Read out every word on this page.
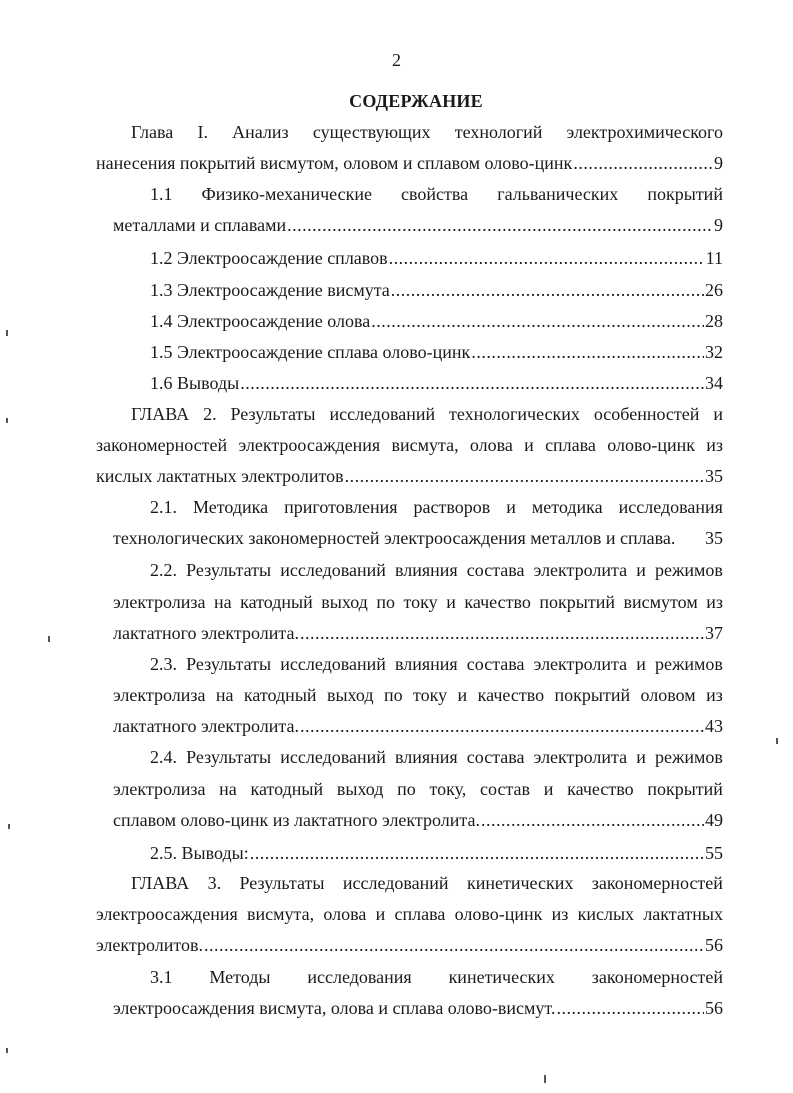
2
СОДЕРЖАНИЕ
Глава I. Анализ существующих технологий электрохимического
нанесения покрытий висмутом, оловом и сплавом олово-цинк .....	9
1.1 Физико-механические свойства гальванических покрытий
металлами и сплавами .....	9
1.2 Электроосаждение сплавов .....	11
1.3 Электроосаждение висмута .....	26
1.4 Электроосаждение олова .....	28
1.5 Электроосаждение сплава олово-цинк .....	32
1.6 Выводы .....	34
ГЛАВА 2. Результаты исследований технологических особенностей и
закономерностей электроосаждения висмута, олова и сплава олово-цинк из
кислых лактатных электролитов .....	35
2.1. Методика приготовления растворов и методика исследования
технологических закономерностей электроосаждения металлов и сплава. 35
2.2. Результаты исследований влияния состава электролита и режимов
электролиза на катодный выход по току и качество покрытий висмутом из
лактатного электролита. .....	37
2.3. Результаты исследований влияния состава электролита и режимов
электролиза на катодный выход по току и качество покрытий оловом из
лактатного электролита. .....	43
2.4. Результаты исследований влияния состава электролита и режимов
электролиза на катодный выход по току, состав и качество покрытий
сплавом олово-цинк из лактатного электролита. .....	49
2.5. Выводы: .....	55
ГЛАВА 3. Результаты исследований кинетических закономерностей
электроосаждения висмута, олова и сплава олово-цинк из кислых лактатных
электролитов. .....	56
3.1 Методы исследования кинетических закономерностей
электроосаждения висмута, олова и сплава олово-висмут. .....	56
